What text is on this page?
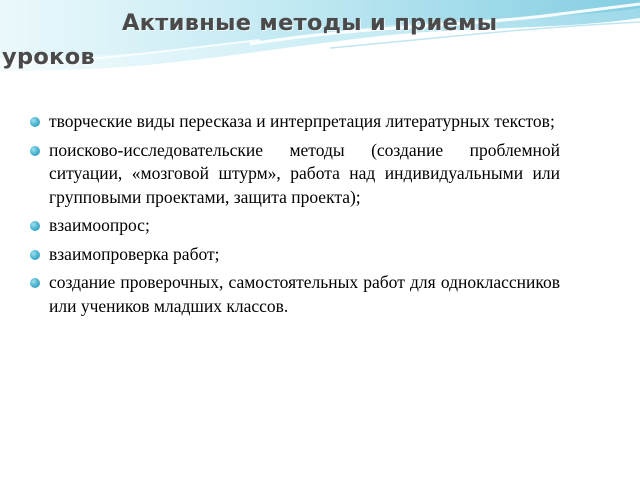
Активные методы и приемы
уроков
творческие виды пересказа и интерпретация литературных текстов;
поисково-исследовательские методы (создание проблемной ситуации, «мозговой штурм», работа над индивидуальными или групповыми проектами, защита проекта);
взаимоопрос;
взаимопроверка работ;
создание проверочных, самостоятельных работ для одноклассников или учеников младших классов.
